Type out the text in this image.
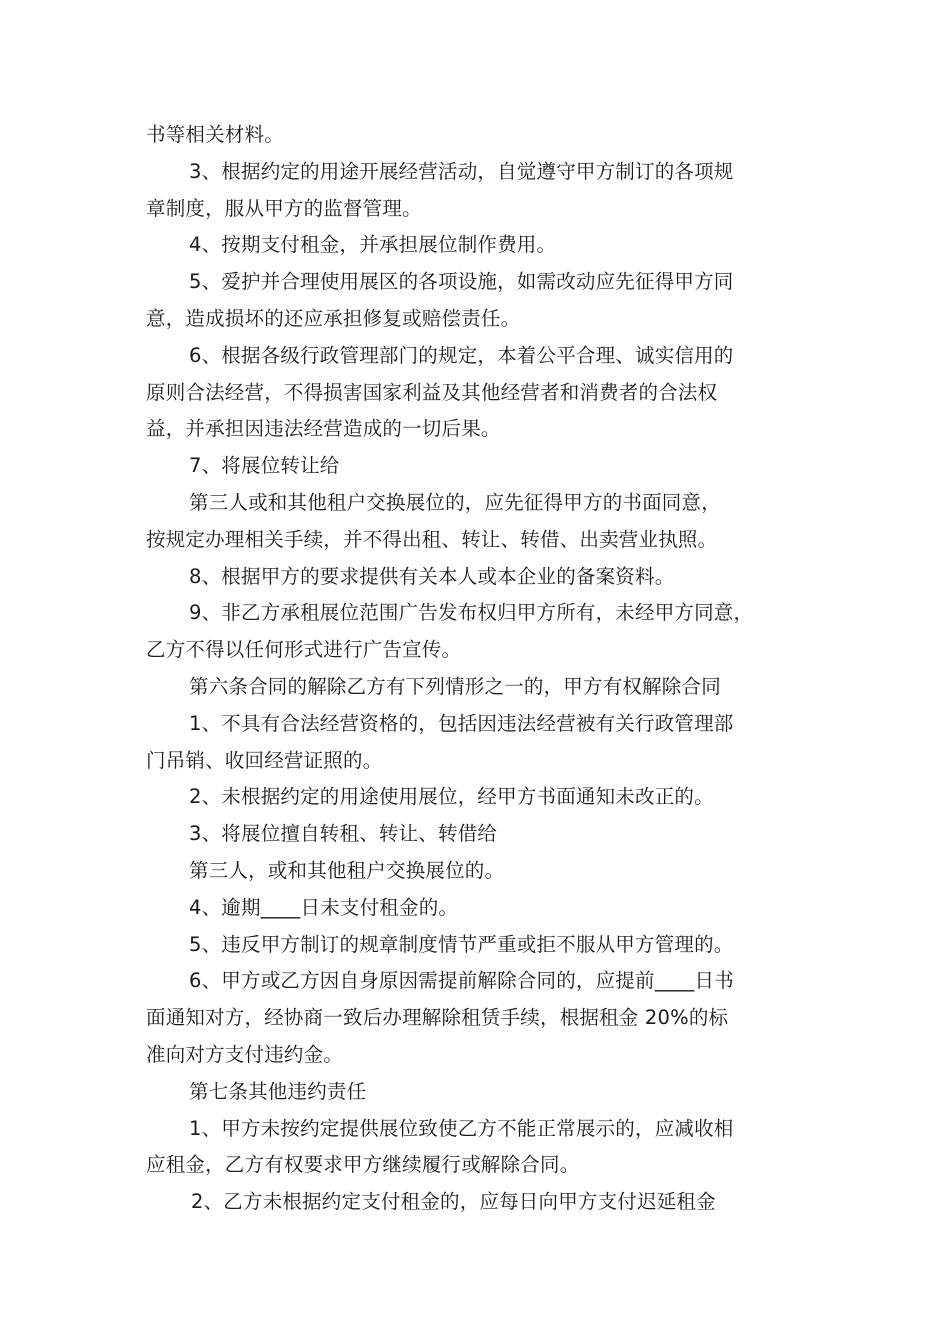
书等相关材料。
3、根据约定的用途开展经营活动，自觉遵守甲方制订的各项规
章制度，服从甲方的监督管理。
4、按期支付租金，并承担展位制作费用。
5、爱护并合理使用展区的各项设施，如需改动应先征得甲方同
意，造成损坏的还应承担修复或赔偿责任。
6、根据各级行政管理部门的规定，本着公平合理、诚实信用的
原则合法经营，不得损害国家利益及其他经营者和消费者的合法权
益，并承担因违法经营造成的一切后果。
7、将展位转让给
第三人或和其他租户交换展位的，应先征得甲方的书面同意，
按规定办理相关手续，并不得出租、转让、转借、出卖营业执照。
8、根据甲方的要求提供有关本人或本企业的备案资料。
9、非乙方承租展位范围广告发布权归甲方所有，未经甲方同意，
乙方不得以任何形式进行广告宣传。
第六条合同的解除乙方有下列情形之一的，甲方有权解除合同
1、不具有合法经营资格的，包括因违法经营被有关行政管理部
门吊销、收回经营证照的。
2、未根据约定的用途使用展位，经甲方书面通知未改正的。
3、将展位擅自转租、转让、转借给
第三人，或和其他租户交换展位的。
4、逾期____日未支付租金的。
5、违反甲方制订的规章制度情节严重或拒不服从甲方管理的。
6、甲方或乙方因自身原因需提前解除合同的，应提前____日书
面通知对方，经协商一致后办理解除租赁手续，根据租金 20%的标
准向对方支付违约金。
第七条其他违约责任
1、甲方未按约定提供展位致使乙方不能正常展示的，应减收相
应租金，乙方有权要求甲方继续履行或解除合同。
2、乙方未根据约定支付租金的，应每日向甲方支付迟延租金
